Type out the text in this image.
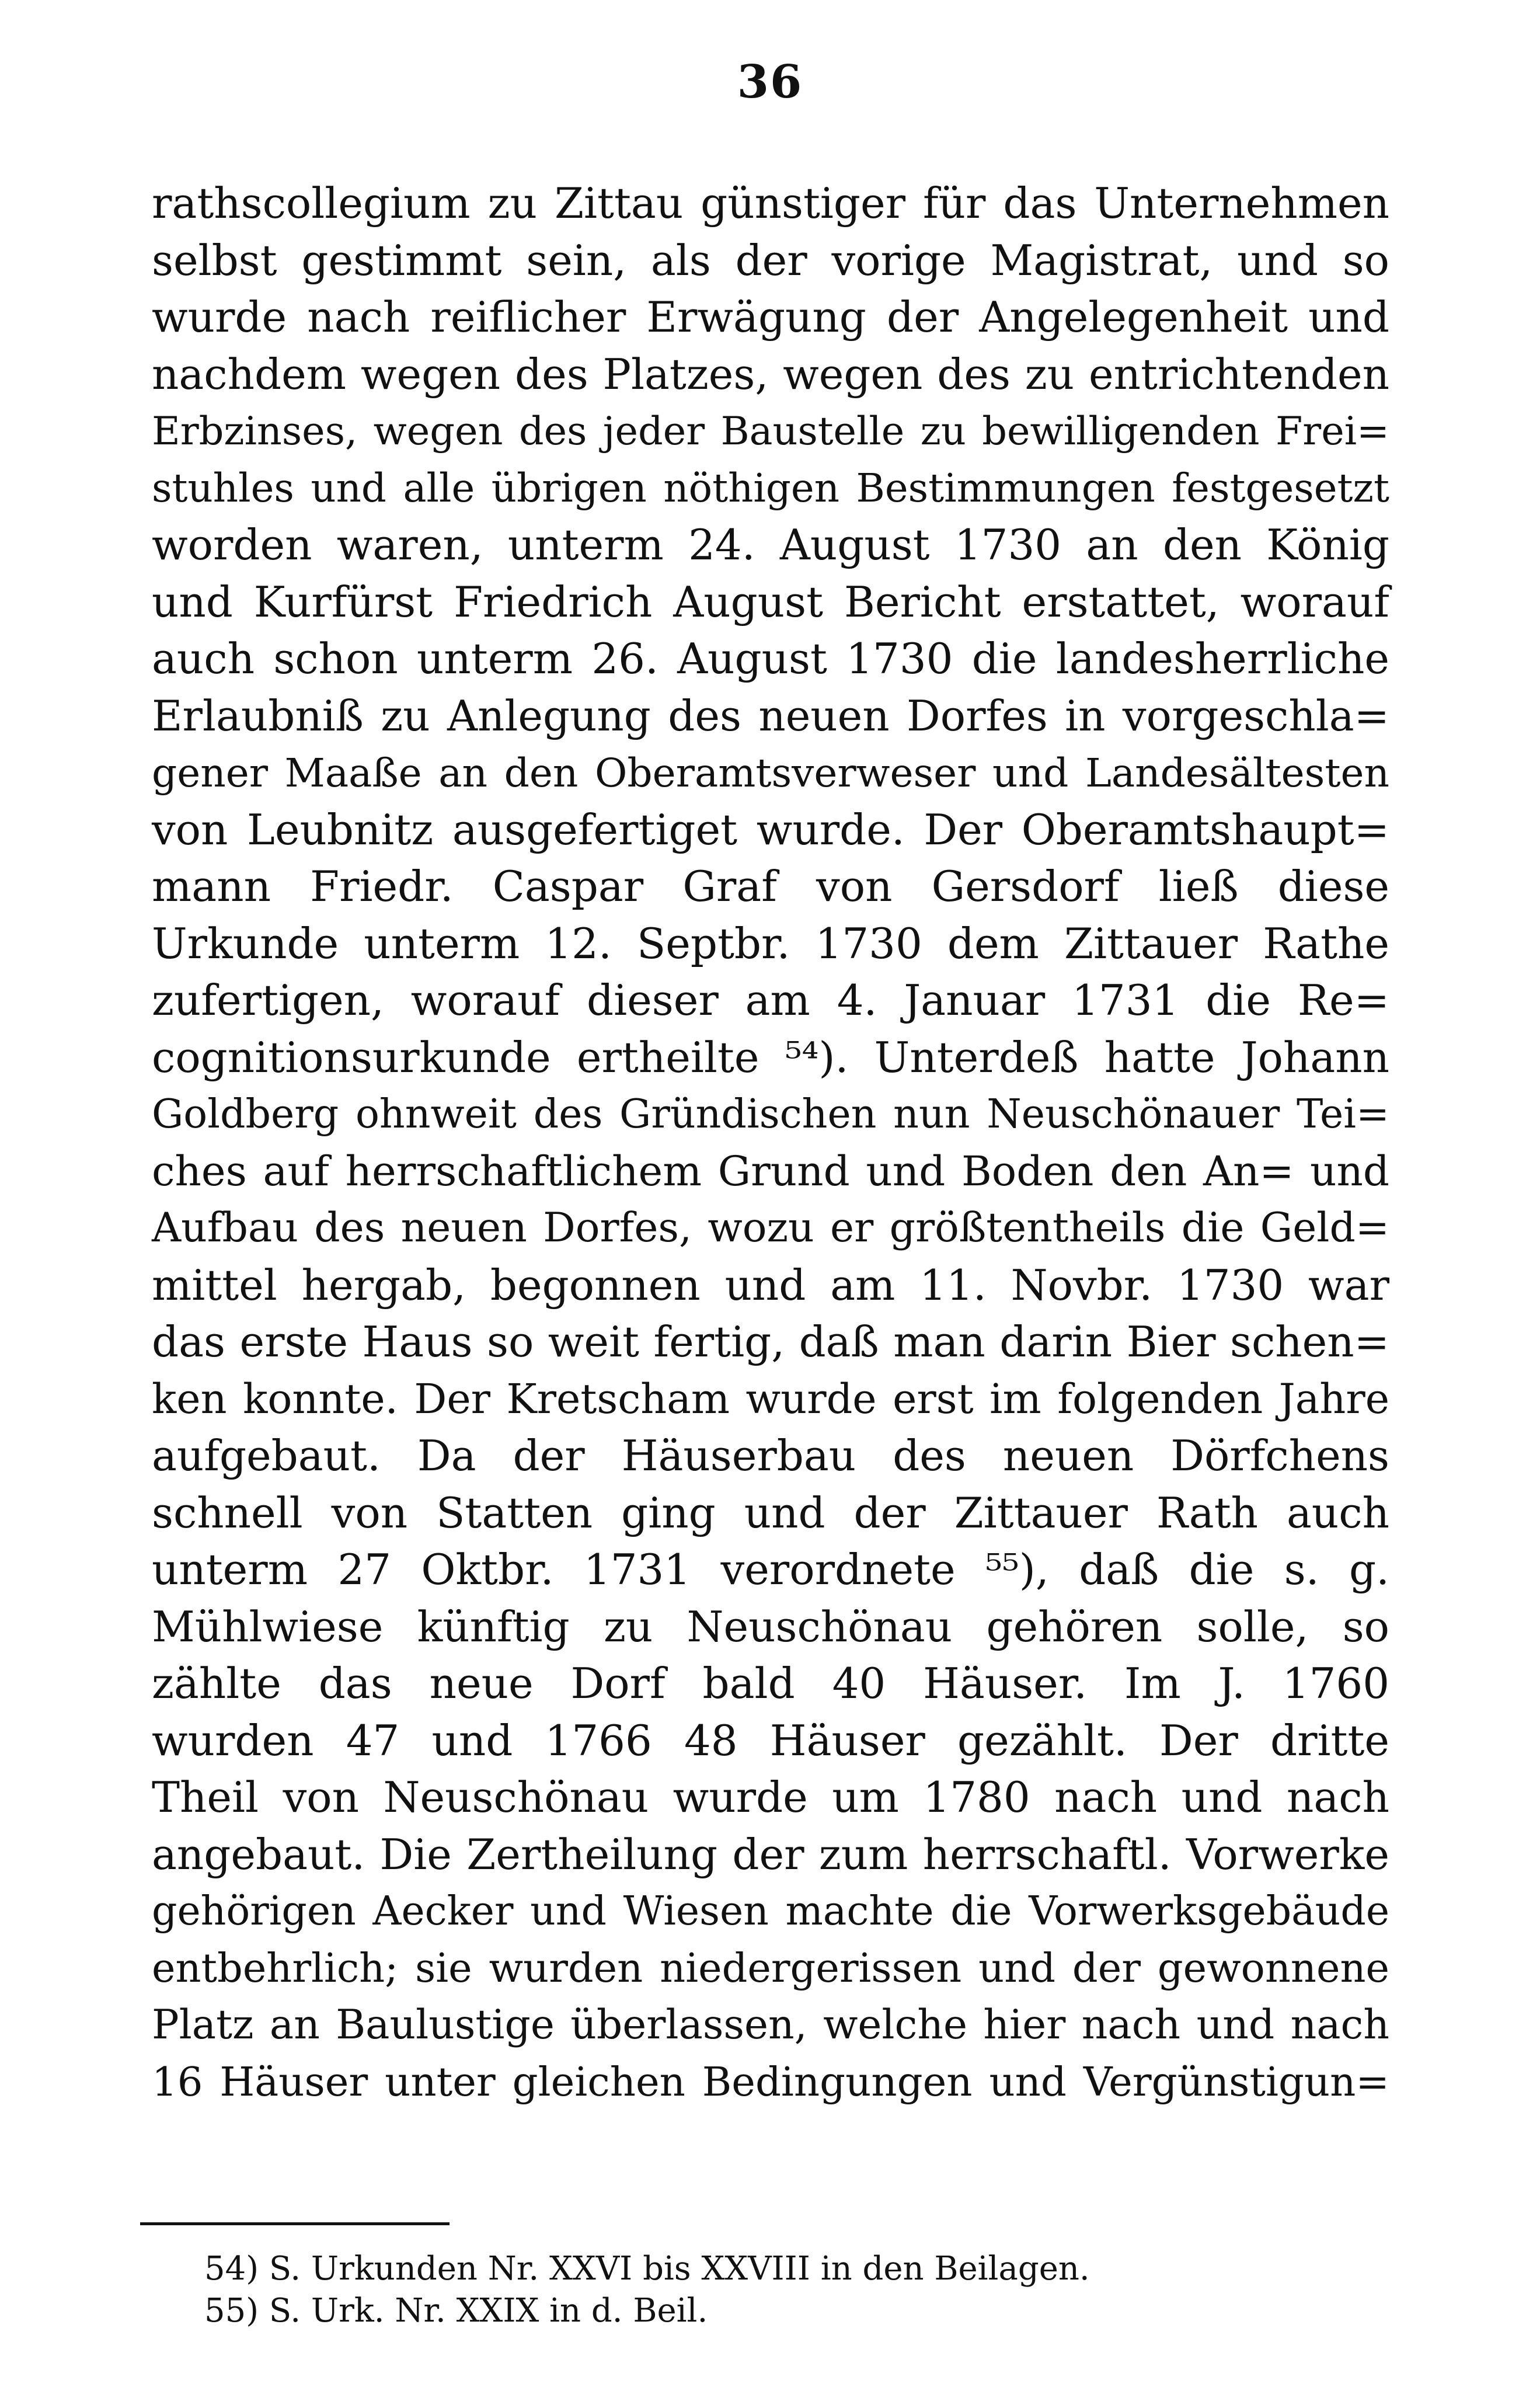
36
rathscollegium zu Zittau günstiger für das Unternehmen
selbst gestimmt sein, als der vorige Magistrat, und so
wurde nach reiflicher Erwägung der Angelegenheit und
nachdem wegen des Platzes, wegen des zu entrichtenden
Erbzinses, wegen des jeder Baustelle zu bewilligenden Frei=
stuhles und alle übrigen nöthigen Bestimmungen festgesetzt
worden waren, unterm 24. August 1730 an den König
und Kurfürst Friedrich August Bericht erstattet, worauf
auch schon unterm 26. August 1730 die landesherrliche
Erlaubniß zu Anlegung des neuen Dorfes in vorgeschla=
gener Maaße an den Oberamtsverweser und Landesältesten
von Leubnitz ausgefertiget wurde. Der Oberamtshaupt=
mann Friedr. Caspar Graf von Gersdorf ließ diese
Urkunde unterm 12. Septbr. 1730 dem Zittauer Rathe
zufertigen, worauf dieser am 4. Januar 1731 die Re=
cognitionsurkunde ertheilte ⁵⁴). Unterdeß hatte Johann
Goldberg ohnweit des Gründischen nun Neuschönauer Tei=
ches auf herrschaftlichem Grund und Boden den An= und
Aufbau des neuen Dorfes, wozu er größtentheils die Geld=
mittel hergab, begonnen und am 11. Novbr. 1730 war
das erste Haus so weit fertig, daß man darin Bier schen=
ken konnte. Der Kretscham wurde erst im folgenden Jahre
aufgebaut. Da der Häuserbau des neuen Dörfchens
schnell von Statten ging und der Zittauer Rath auch
unterm 27 Oktbr. 1731 verordnete ⁵⁵), daß die s. g.
Mühlwiese künftig zu Neuschönau gehören solle, so
zählte das neue Dorf bald 40 Häuser. Im J. 1760
wurden 47 und 1766 48 Häuser gezählt. Der dritte
Theil von Neuschönau wurde um 1780 nach und nach
angebaut. Die Zertheilung der zum herrschaftl. Vorwerke
gehörigen Aecker und Wiesen machte die Vorwerksgebäude
entbehrlich; sie wurden niedergerissen und der gewonnene
Platz an Baulustige überlassen, welche hier nach und nach
16 Häuser unter gleichen Bedingungen und Vergünstigun=
54) S. Urkunden Nr. XXVI bis XXVIII in den Beilagen.
55) S. Urk. Nr. XXIX in d. Beil.
